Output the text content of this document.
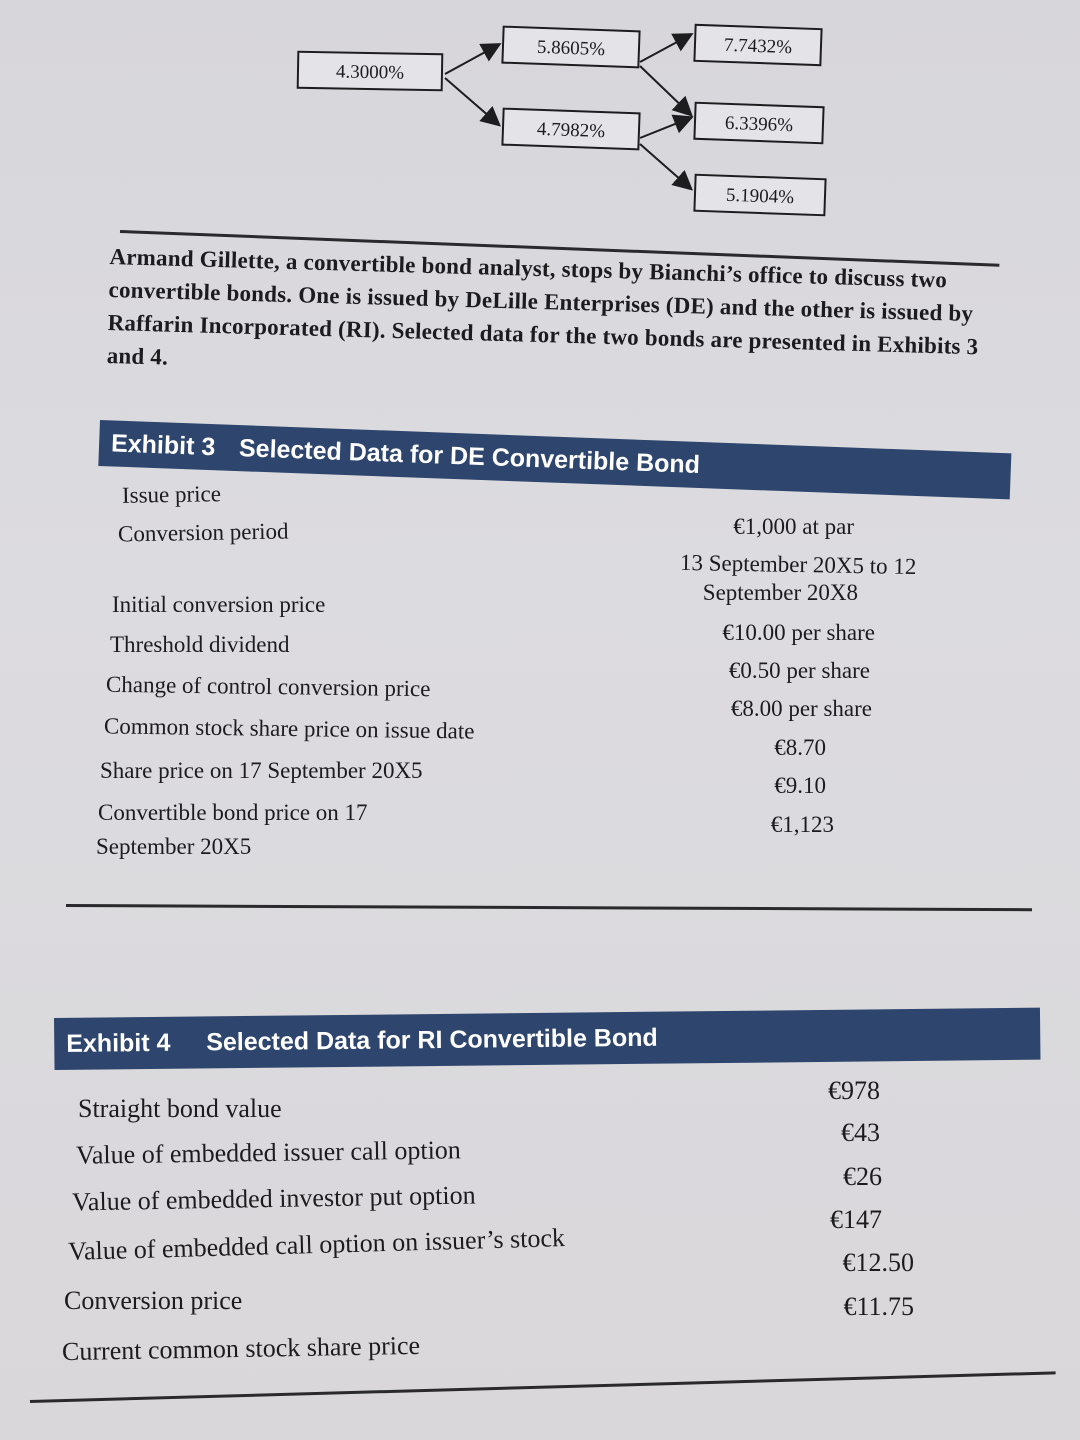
4.3000%
5.8605%
4.7982%
7.7432%
6.3396%
5.1904%

Armand Gillette, a convertible bond analyst, stops by Bianchi’s office to discuss two convertible bonds. One is issued by DeLille Enterprises (DE) and the other is issued by Raffarin Incorporated (RI). Selected data for the two bonds are presented in Exhibits 3 and 4.

Exhibit 3 Selected Data for DE Convertible Bond
Issue price
€1,000 at par
Conversion period
13 September 20X5 to 12
September 20X8
Initial conversion price
€10.00 per share
Threshold dividend
€0.50 per share
Change of control conversion price
€8.00 per share
Common stock share price on issue date
€8.70
Share price on 17 September 20X5
€9.10
Convertible bond price on 17
September 20X5
€1,123
Exhibit 4 Selected Data for RI Convertible Bond
Straight bond value
€978
Value of embedded issuer call option
€43
Value of embedded investor put option
€26
Value of embedded call option on issuer’s stock
€147
Conversion price
€12.50
Current common stock share price
€11.75
